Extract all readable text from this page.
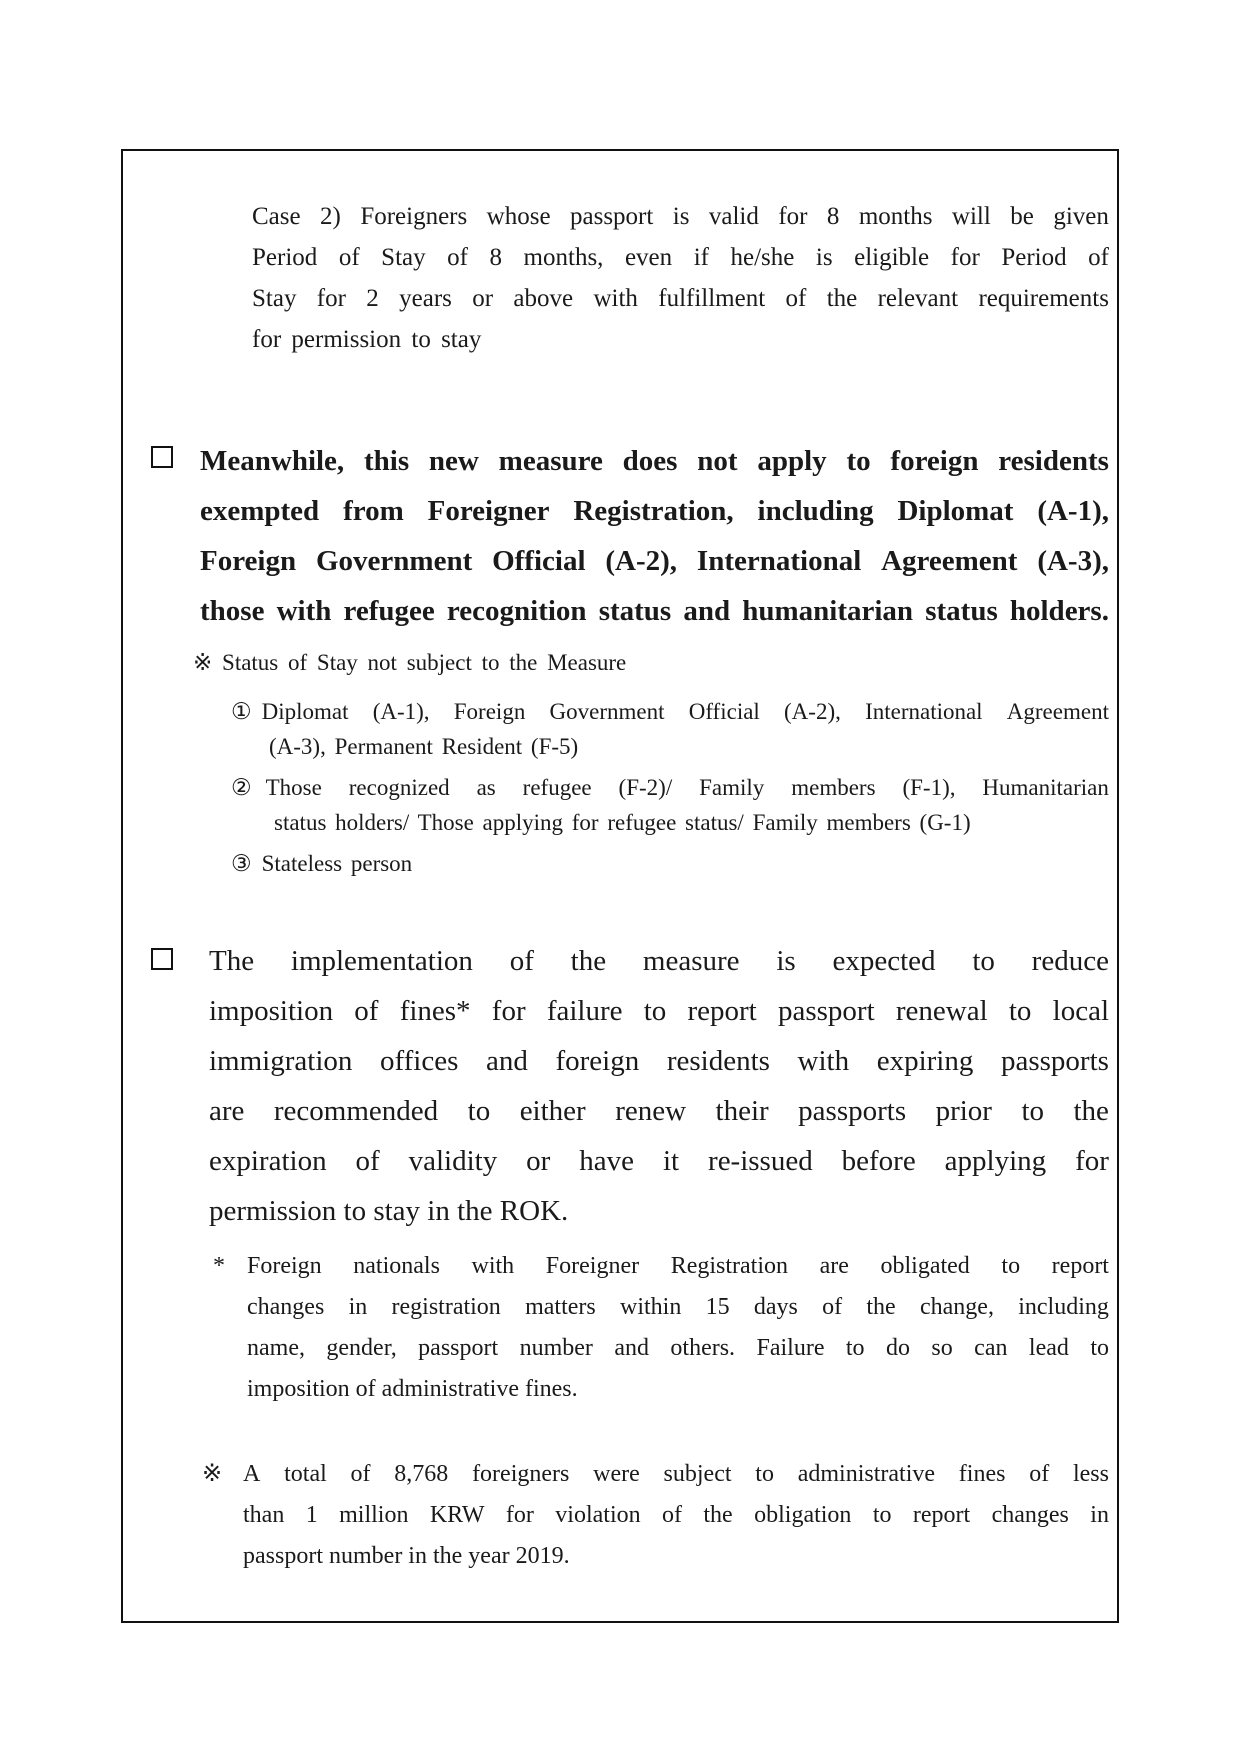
Case 2) Foreigners whose passport is valid for 8 months will be given
Period of Stay of 8 months, even if he/she is eligible for Period of
Stay for 2 years or above with fulfillment of the relevant requirements
for permission to stay
Meanwhile, this new measure does not apply to foreign residents
exempted from Foreigner Registration, including Diplomat (A-1),
Foreign Government Official (A-2), International Agreement (A-3),
those with refugee recognition status and humanitarian status holders.
※ Status of Stay not subject to the Measure
① Diplomat (A-1), Foreign Government Official (A-2), International Agreement
(A-3), Permanent Resident (F-5)
② Those recognized as refugee (F-2)/ Family members (F-1), Humanitarian
status holders/ Those applying for refugee status/ Family members (G-1)
③ Stateless person
The implementation of the measure is expected to reduce
imposition of fines* for failure to report passport renewal to local
immigration offices and foreign residents with expiring passports
are recommended to either renew their passports prior to the
expiration of validity or have it re-issued before applying for
permission to stay in the ROK.
* Foreign nationals with Foreigner Registration are obligated to report
changes in registration matters within 15 days of the change, including
name, gender, passport number and others. Failure to do so can lead to
imposition of administrative fines.
※ A total of 8,768 foreigners were subject to administrative fines of less
than 1 million KRW for violation of the obligation to report changes in
passport number in the year 2019.
